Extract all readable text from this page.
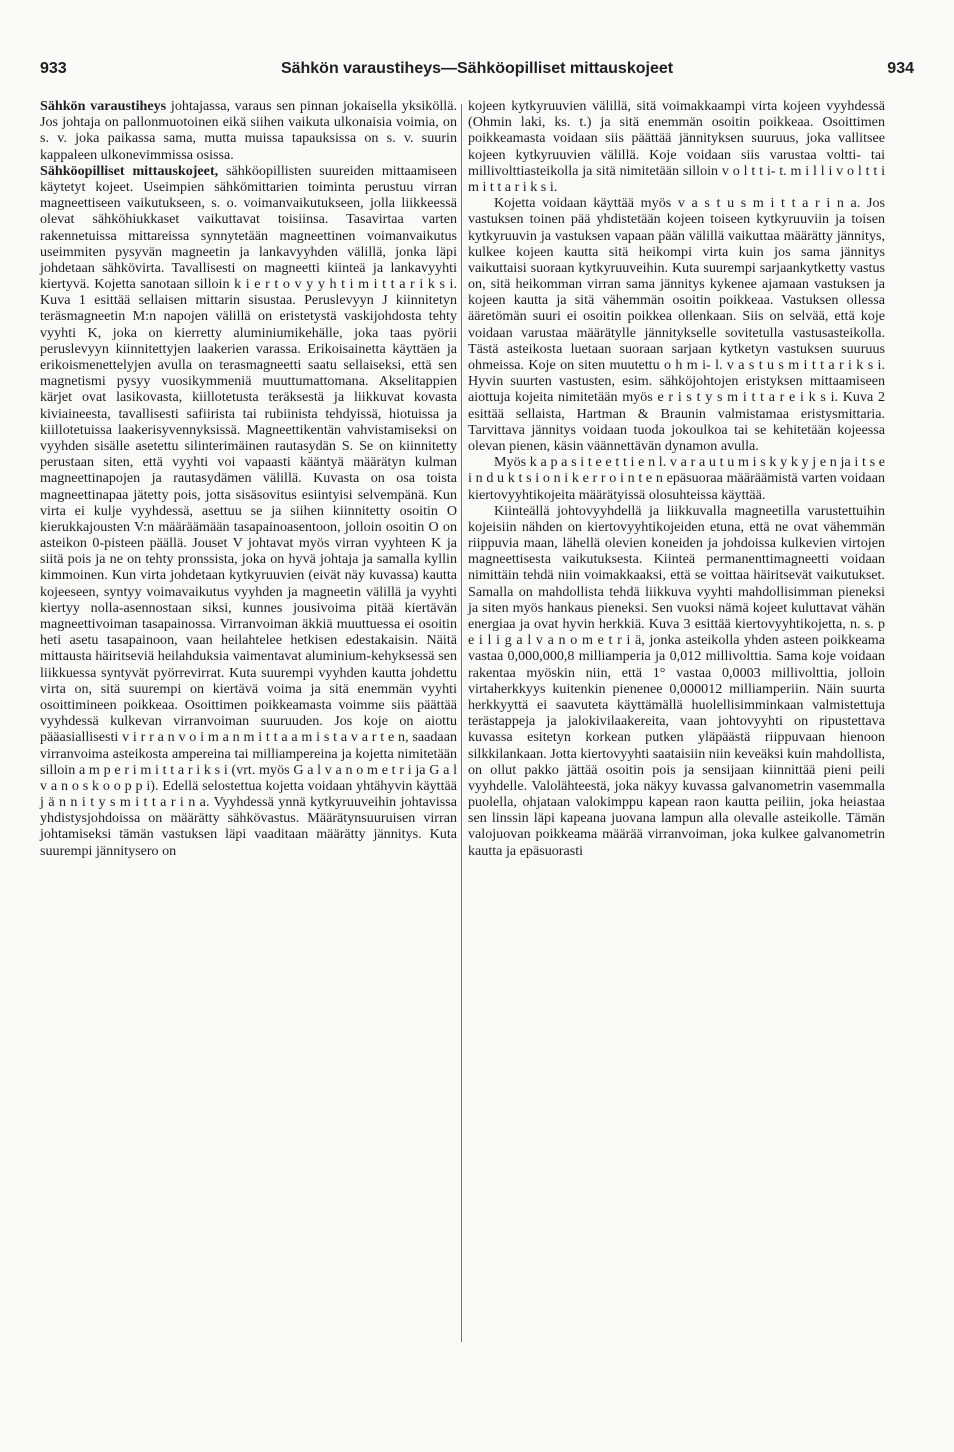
933	Sähkön varaustiheys—Sähköopilliset mittauskojeet	934

Sähkön varaustiheys johtajassa, varaus sen pinnan jokaisella yksiköllä. Jos johtaja on pallonmuotoinen eikä siihen vaikuta ulkonaisia voimia, on s. v. joka paikassa sama, mutta muissa tapauksissa on s. v. suurin kappaleen ulkonevimmissa osissa.

Sähköopilliset mittauskojeet, sähköopillisten suureiden mittaamiseen käytetyt kojeet. Useimpien sähkömittarien toiminta perustuu virran magneettiseen vaikutukseen, s. o. voimanvaikutukseen, jolla liikkeessä olevat sähköhiukkaset vaikuttavat toisiinsa. Tasavirtaa varten rakennetuissa mittareissa synnytetään magneettinen voimanvaikutus useimmiten pysyvän magneetin ja lankavyyhden välillä, jonka läpi johdetaan sähkövirta. Tavallisesti on magneetti kiinteä ja lankavyyhti kiertyvä. Kojetta sanotaan silloin k i e r t o v y y h t i m i t t a r i k s i. Kuva 1 esittää sellaisen mittarin sisustaa. Peruslevyyn J kiinnitetyn teräsmagneetin M:n napojen välillä on eristetystä vaskijohdosta tehty vyyhti K, joka on kierretty aluminiumikehälle, joka taas pyörii peruslevyyn kiinnitettyjen laakerien varassa. Erikoisainetta käyttäen ja erikoismenettelyjen avulla on terasmagneetti saatu sellaiseksi, että sen magnetismi pysyy vuosikymmeniä muuttumattomana. Akselitappien kärjet ovat lasikovasta, kiillotetusta teräksestä ja liikkuvat kovasta kiviaineesta, tavallisesti safiirista tai rubiinista tehdyissä, hiotuissa ja kiillotetuissa laakerisyvennyksissä. Magneettikentän vahvistamiseksi on vyyhden sisälle asetettu silinterimäinen rautasydän S. Se on kiinnitetty perustaan siten, että vyyhti voi vapaasti kääntyä määrätyn kulman magneettinapojen ja rautasydämen välillä. Kuvasta on osa toista magneettinapaa jätetty pois, jotta sisäsovitus esiintyisi selvempänä. Kun virta ei kulje vyyhdessä, asettuu se ja siihen kiinnitetty osoitin O kierukkajousten V:n määräämään tasapainoasentoon, jolloin osoitin O on asteikon 0-pisteen päällä. Jouset V johtavat myös virran vyyhteen K ja siitä pois ja ne on tehty pronssista, joka on hyvä johtaja ja samalla kyllin kimmoinen. Kun virta johdetaan kytkyruuvien (eivät näy kuvassa) kautta kojeeseen, syntyy voimavaikutus vyyhden ja magneetin välillä ja vyyhti kiertyy nolla-asennostaan siksi, kunnes jousivoima pitää kiertävän magneettivoiman tasapainossa. Virranvoiman äkkiä muuttuessa ei osoitin heti asetu tasapainoon, vaan heilahtelee hetkisen edestakaisin. Näitä mittausta häiritseviä heilahduksia vaimentavat aluminium-kehyksessä sen liikkuessa syntyvät pyörrevirrat. Kuta suurempi vyyhden kautta johdettu virta on, sitä suurempi on kiertävä voima ja sitä enemmän vyyhti osoittimineen poikkeaa. Osoittimen poikkeamasta voimme siis päättää vyyhdessä kulkevan virranvoiman suuruuden. Jos koje on aiottu pääasiallisesti v i r r a n v o i m a n m i t t a a m i s t a v a r t e n, saadaan virranvoima asteikosta ampereina tai milliampereina ja kojetta nimitetään silloin a m p e r i m i t t a r i k s i (vrt. myös G a l v a n o m e t r i ja G a l v a n o s k o o p p i). Edellä selostettua kojetta voidaan yhtähyvin käyttää j ä n n i t y s m i t t a r i n a. Vyyhdessä ynnä kytkyruuveihin johtavissa yhdistysjohdoissa on määrätty sähkövastus. Määrätynsuuruisen virran johtamiseksi tämän vastuksen läpi vaaditaan määrätty jännitys. Kuta suurempi jännitysero on

kojeen kytkyruuvien välillä, sitä voimakkaampi virta kojeen vyyhdessä (Ohmin laki, ks. t.) ja sitä enemmän osoitin poikkeaa. Osoittimen poikkeamasta voidaan siis päättää jännityksen suuruus, joka vallitsee kojeen kytkyruuvien välillä. Koje voidaan siis varustaa voltti- tai millivolttiasteikolla ja sitä nimitetään silloin v o l t t i- t. m i l l i v o l t t i m i t t a r i k s i.

Kojetta voidaan käyttää myös v a s t u s m i t t a r i n a. Jos vastuksen toinen pää yhdistetään kojeen toiseen kytkyruuviin ja toisen kytkyruuvin ja vastuksen vapaan pään välillä vaikuttaa määrätty jännitys, kulkee kojeen kautta sitä heikompi virta kuin jos sama jännitys vaikuttaisi suoraan kytkyruuveihin. Kuta suurempi sarjaankytketty vastus on, sitä heikomman virran sama jännitys kykenee ajamaan vastuksen ja kojeen kautta ja sitä vähemmän osoitin poikkeaa. Vastuksen ollessa ääretömän suuri ei osoitin poikkea ollenkaan. Siis on selvää, että koje voidaan varustaa määrätylle jännitykselle sovitetulla vastusasteikolla. Tästä asteikosta luetaan suoraan sarjaan kytketyn vastuksen suuruus ohmeissa. Koje on siten muutettu o h m i- l. v a s t u s m i t t a r i k s i. Hyvin suurten vastusten, esim. sähköjohtojen eristyksen mittaamiseen aiottuja kojeita nimitetään myös e r i s t y s m i t t a r e i k s i. Kuva 2 esittää sellaista, Hartman & Braunin valmistamaa eristysmittaria. Tarvittava jännitys voidaan tuoda jokoulkoa tai se kehitetään kojeessa olevan pienen, käsin väännettävän dynamon avulla.

Myös k a p a s i t e e t t i e n l. v a r a u t u m i s k y k y j e n ja i t s e i n d u k t s i o n i k e r r o i n t e n epäsuoraa määräämistä varten voidaan kiertovyyhtikojeita määrätyissä olosuhteissa käyttää.

Kiinteällä johtovyyhdellä ja liikkuvalla magneetilla varustettuihin kojeisiin nähden on kiertovyyhtikojeiden etuna, että ne ovat vähemmän riippuvia maan, lähellä olevien koneiden ja johdoissa kulkevien virtojen magneettisesta vaikutuksesta. Kiinteä permanenttimagneetti voidaan nimittäin tehdä niin voimakkaaksi, että se voittaa häiritsevät vaikutukset. Samalla on mahdollista tehdä liikkuva vyyhti mahdollisimman pieneksi ja siten myös hankaus pieneksi. Sen vuoksi nämä kojeet kuluttavat vähän energiaa ja ovat hyvin herkkiä. Kuva 3 esittää kiertovyyhtikojetta, n. s. p e i l i g a l v a n o m e t r i ä, jonka asteikolla yhden asteen poikkeama vastaa 0,000,000,8 milliamperia ja 0,012 millivolttia. Sama koje voidaan rakentaa myöskin niin, että 1° vastaa 0,0003 millivolttia, jolloin virtaherkkyys kuitenkin pienenee 0,000012 milliamperiin. Näin suurta herkkyyttä ei saavuteta käyttämällä huolellisimminkaan valmistettuja terästappeja ja jalokivilaakereita, vaan johtovyyhti on ripustettava kuvassa esitetyn korkean putken yläpäästä riippuvaan hienoon silkkilankaan. Jotta kiertovyyhti saataisiin niin keveäksi kuin mahdollista, on ollut pakko jättää osoitin pois ja sensijaan kiinnittää pieni peili vyyhdelle. Valolähteestä, joka näkyy kuvassa galvanometrin vasemmalla puolella, ohjataan valokimppu kapean raon kautta peiliin, joka heiastaa sen linssin läpi kapeana juovana lampun alla olevalle asteikolle. Tämän valojuovan poikkeama määrää virranvoiman, joka kulkee galvanometrin kautta ja epäsuorasti
